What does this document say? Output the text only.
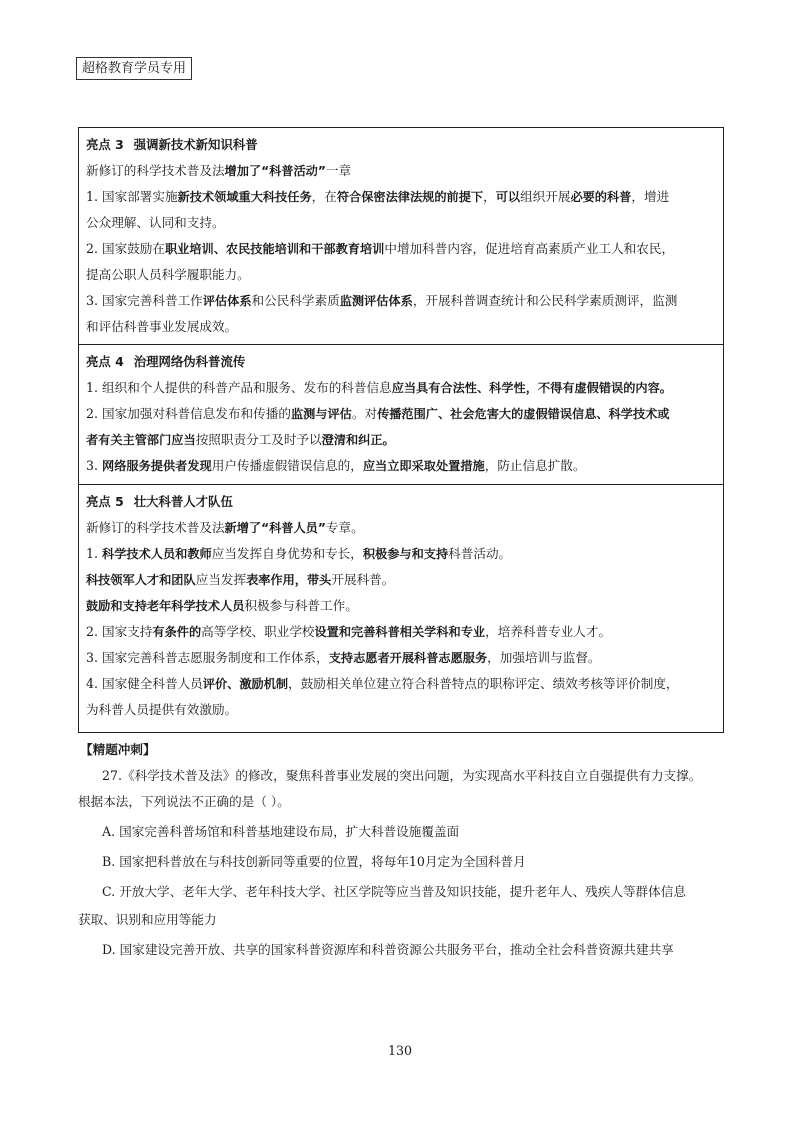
超格教育学员专用
亮点 3 强调新技术新知识科普
新修订的科学技术普及法增加了“科普活动”一章
1. 国家部署实施新技术领域重大科技任务，在符合保密法律法规的前提下，可以组织开展必要的科普，增进
公众理解、认同和支持。
2. 国家鼓励在职业培训、农民技能培训和干部教育培训中增加科普内容，促进培育高素质产业工人和农民，
提高公职人员科学履职能力。
3. 国家完善科普工作评估体系和公民科学素质监测评估体系，开展科普调查统计和公民科学素质测评，监测
和评估科普事业发展成效。
亮点 4 治理网络伪科普流传
1. 组织和个人提供的科普产品和服务、发布的科普信息应当具有合法性、科学性，不得有虚假错误的内容。
2. 国家加强对科普信息发布和传播的监测与评估。对传播范围广、社会危害大的虚假错误信息、科学技术或
者有关主管部门应当按照职责分工及时予以澄清和纠正。
3. 网络服务提供者发现用户传播虚假错误信息的，应当立即采取处置措施，防止信息扩散。
亮点 5 壮大科普人才队伍
新修订的科学技术普及法新增了“科普人员”专章。
1. 科学技术人员和教师应当发挥自身优势和专长，积极参与和支持科普活动。
科技领军人才和团队应当发挥表率作用，带头开展科普。
鼓励和支持老年科学技术人员积极参与科普工作。
2. 国家支持有条件的高等学校、职业学校设置和完善科普相关学科和专业，培养科普专业人才。
3. 国家完善科普志愿服务制度和工作体系，支持志愿者开展科普志愿服务，加强培训与监督。
4. 国家健全科普人员评价、激励机制，鼓励相关单位建立符合科普特点的职称评定、绩效考核等评价制度，
为科普人员提供有效激励。
【精题冲刺】
27.《科学技术普及法》的修改，聚焦科普事业发展的突出问题，为实现高水平科技自立自强提供有力支撑。
根据本法，下列说法不正确的是（ ）。
A. 国家完善科普场馆和科普基地建设布局，扩大科普设施覆盖面
B. 国家把科普放在与科技创新同等重要的位置，将每年10月定为全国科普月
C. 开放大学、老年大学、老年科技大学、社区学院等应当普及知识技能，提升老年人、残疾人等群体信息
获取、识别和应用等能力
D. 国家建设完善开放、共享的国家科普资源库和科普资源公共服务平台，推动全社会科普资源共建共享
130
